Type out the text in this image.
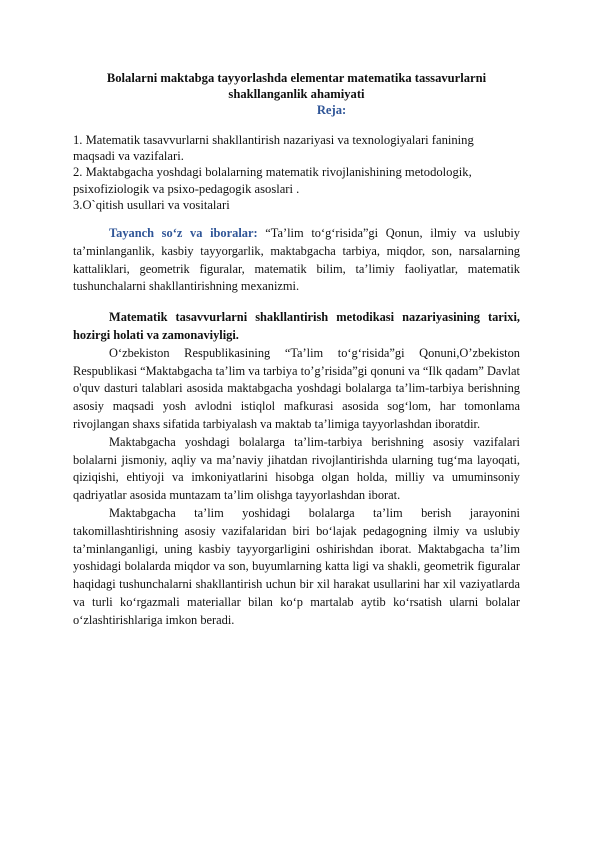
Bolalarni maktabga tayyorlashda elementar matematika tassavurlarni shakllanganlik ahamiyati

Reja:

1. Matematik tasavvurlarni shakllantirish nazariyasi va texnologiyalari fanining maqsadi va vazifalari.
2. Maktabgacha yoshdagi bolalarning matematik rivojlanishining metodologik, psixofiziologik va psixo-pedagogik asoslari .
3.O`qitish usullari va vositalari

Tayanch so‘z va iboralar: “Ta’lim to‘g‘risida”gi Qonun, ilmiy va uslubiy ta’minlanganlik, kasbiy tayyorgarlik, maktabgacha tarbiya, miqdor, son, narsalarning kattaliklari, geometrik figuralar, matematik bilim, ta’limiy faoliyatlar, matematik tushunchalarni shakllantirishning mexanizmi.

Matematik tasavvurlarni shakllantirish metodikasi nazariyasining tarixi, hozirgi holati va zamonaviyligi.

O‘zbekiston Respublikasining “Ta’lim to‘g‘risida”gi Qonuni,O’zbekiston Respublikasi “Maktabgacha ta’lim va tarbiya to’g’risida”gi qonuni va “Ilk qadam” Davlat o'quv dasturi talablari asosida maktabgacha yoshdagi bolalarga ta’lim-tarbiya berishning asosiy maqsadi yosh avlodni istiqlol mafkurasi asosida sog‘lom, har tomonlama rivojlangan shaxs sifatida tarbiyalash va maktab ta’limiga tayyorlashdan iboratdir.

Maktabgacha yoshdagi bolalarga ta’lim-tarbiya berishning asosiy vazifalari bolalarni jismoniy, aqliy va ma’naviy jihatdan rivojlantirishda ularning tug‘ma layoqati, qiziqishi, ehtiyoji va imkoniyatlarini hisobga olgan holda, milliy va umuminsoniy qadriyatlar asosida muntazam ta’lim olishga tayyorlashdan iborat.

Maktabgacha ta’lim yoshidagi bolalarga ta’lim berish jarayonini takomillashtirishning asosiy vazifalaridan biri bo‘lajak pedagogning ilmiy va uslubiy ta’minlanganligi, uning kasbiy tayyorgarligini oshirishdan iborat. Maktabgacha ta’lim yoshidagi bolalarda miqdor va son, buyumlarning katta ligi va shakli, geometrik figuralar haqidagi tushunchalarni shakllantirish uchun bir xil harakat usullarini har xil vaziyatlarda va turli ko‘rgazmali materiallar bilan ko‘p martalab aytib ko‘rsatish ularni bolalar o‘zlashtirishlariga imkon beradi.
